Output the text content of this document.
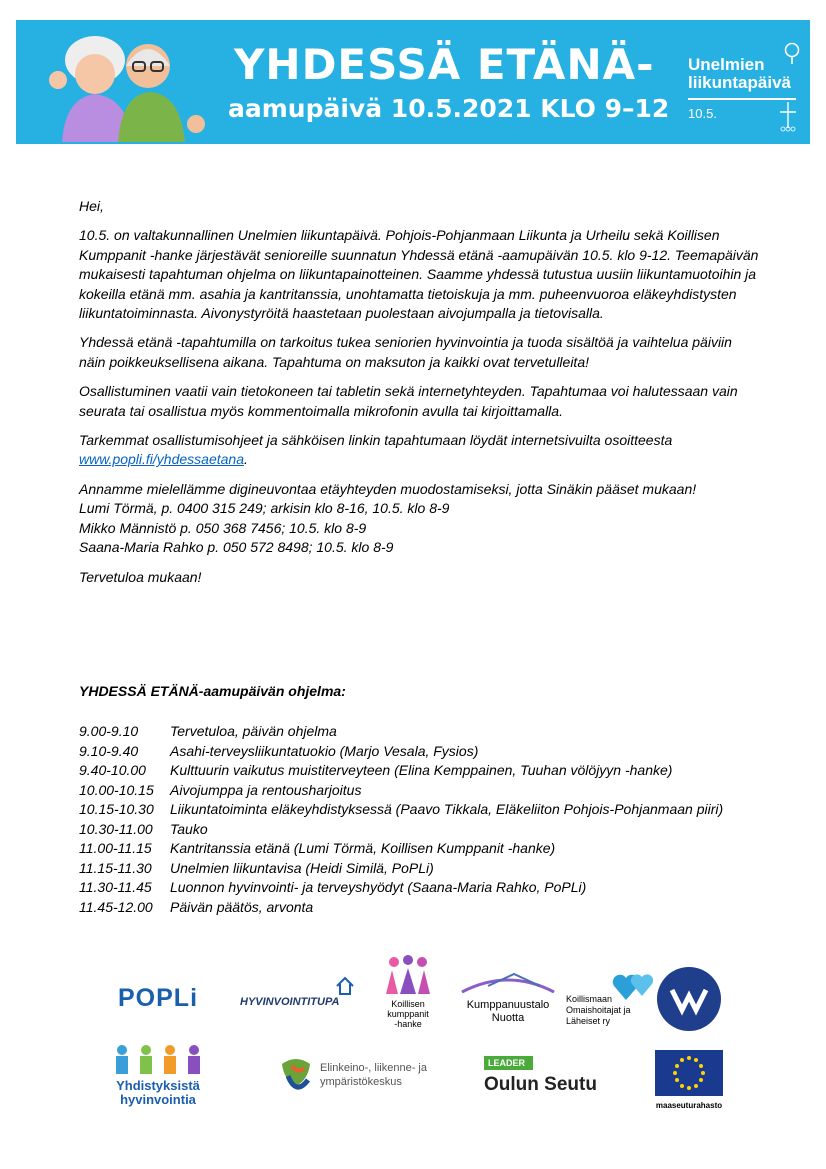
YHDESSÄ ETÄNÄ-
aamupäivä 10.5.2021 KLO 9–12
Unelmien
liikuntapäivä
10.5.

Hei,

10.5. on valtakunnallinen Unelmien liikuntapäivä. Pohjois-Pohjanmaan Liikunta ja Urheilu sekä Koillisen Kumppanit -hanke järjestävät senioreille suunnatun Yhdessä etänä -aamupäivän 10.5. klo 9-12. Teemapäivän mukaisesti tapahtuman ohjelma on liikuntapainotteinen. Saamme yhdessä tutustua uusiin liikuntamuotoihin ja kokeilla etänä mm. asahia ja kantritanssia, unohtamatta tietoiskuja ja mm. puheenvuoroa eläkeyhdistysten liikuntatoiminnasta. Aivonystyröitä haastetaan puolestaan aivojumpalla ja tietovisalla.

Yhdessä etänä -tapahtumilla on tarkoitus tukea seniorien hyvinvointia ja tuoda sisältöä ja vaihtelua päiviin näin poikkeuksellisena aikana. Tapahtuma on maksuton ja kaikki ovat tervetulleita!

Osallistuminen vaatii vain tietokoneen tai tabletin sekä internetyhteyden. Tapahtumaa voi halutessaan vain seurata tai osallistua myös kommentoimalla mikrofonin avulla tai kirjoittamalla.

Tarkemmat osallistumisohjeet ja sähköisen linkin tapahtumaan löydät internetsivuilta osoitteesta
www.popli.fi/yhdessaetana.

Annamme mielellämme digineuvontaa etäyhteyden muodostamiseksi, jotta Sinäkin pääset mukaan!
Lumi Törmä, p. 0400 315 249; arkisin klo 8-16, 10.5. klo 8-9
Mikko Männistö p. 050 368 7456; 10.5. klo 8-9
Saana-Maria Rahko p. 050 572 8498; 10.5. klo 8-9

Tervetuloa mukaan!

YHDESSÄ ETÄNÄ-aamupäivän ohjelma:
9.00-9.10	Tervetuloa, päivän ohjelma
9.10-9.40	Asahi-terveysliikuntatuokio (Marjo Vesala, Fysios)
9.40-10.00	Kulttuurin vaikutus muistiterveyteen (Elina Kemppainen, Tuuhan völöjyyn -hanke)
10.00-10.15	Aivojumppa ja rentousharjoitus
10.15-10.30	Liikuntatoiminta eläkeyhdistyksessä (Paavo Tikkala, Eläkeliiton Pohjois-Pohjanmaan piiri)
10.30-11.00	Tauko
11.00-11.15	Kantritanssia etänä (Lumi Törmä, Koillisen Kumppanit -hanke)
11.15-11.30	Unelmien liikuntavisa (Heidi Similä, PoPLi)
11.30-11.45	Luonnon hyvinvointi- ja terveyshyödyt (Saana-Maria Rahko, PoPLi)
11.45-12.00	Päivän päätös, arvonta
POPLi	HYVINVOINTITUPA	Koillisen
kumppanit
-hanke
Kumppanuustalo
Nuotta
Koillismaan
Omaishoitajat ja
Läheiset ry
Yhdistyksistä
hyvinvointia
Elinkeino-, liikenne- ja
ympäristökeskus
LEADER
Oulun Seutu
maaseuturahasto
